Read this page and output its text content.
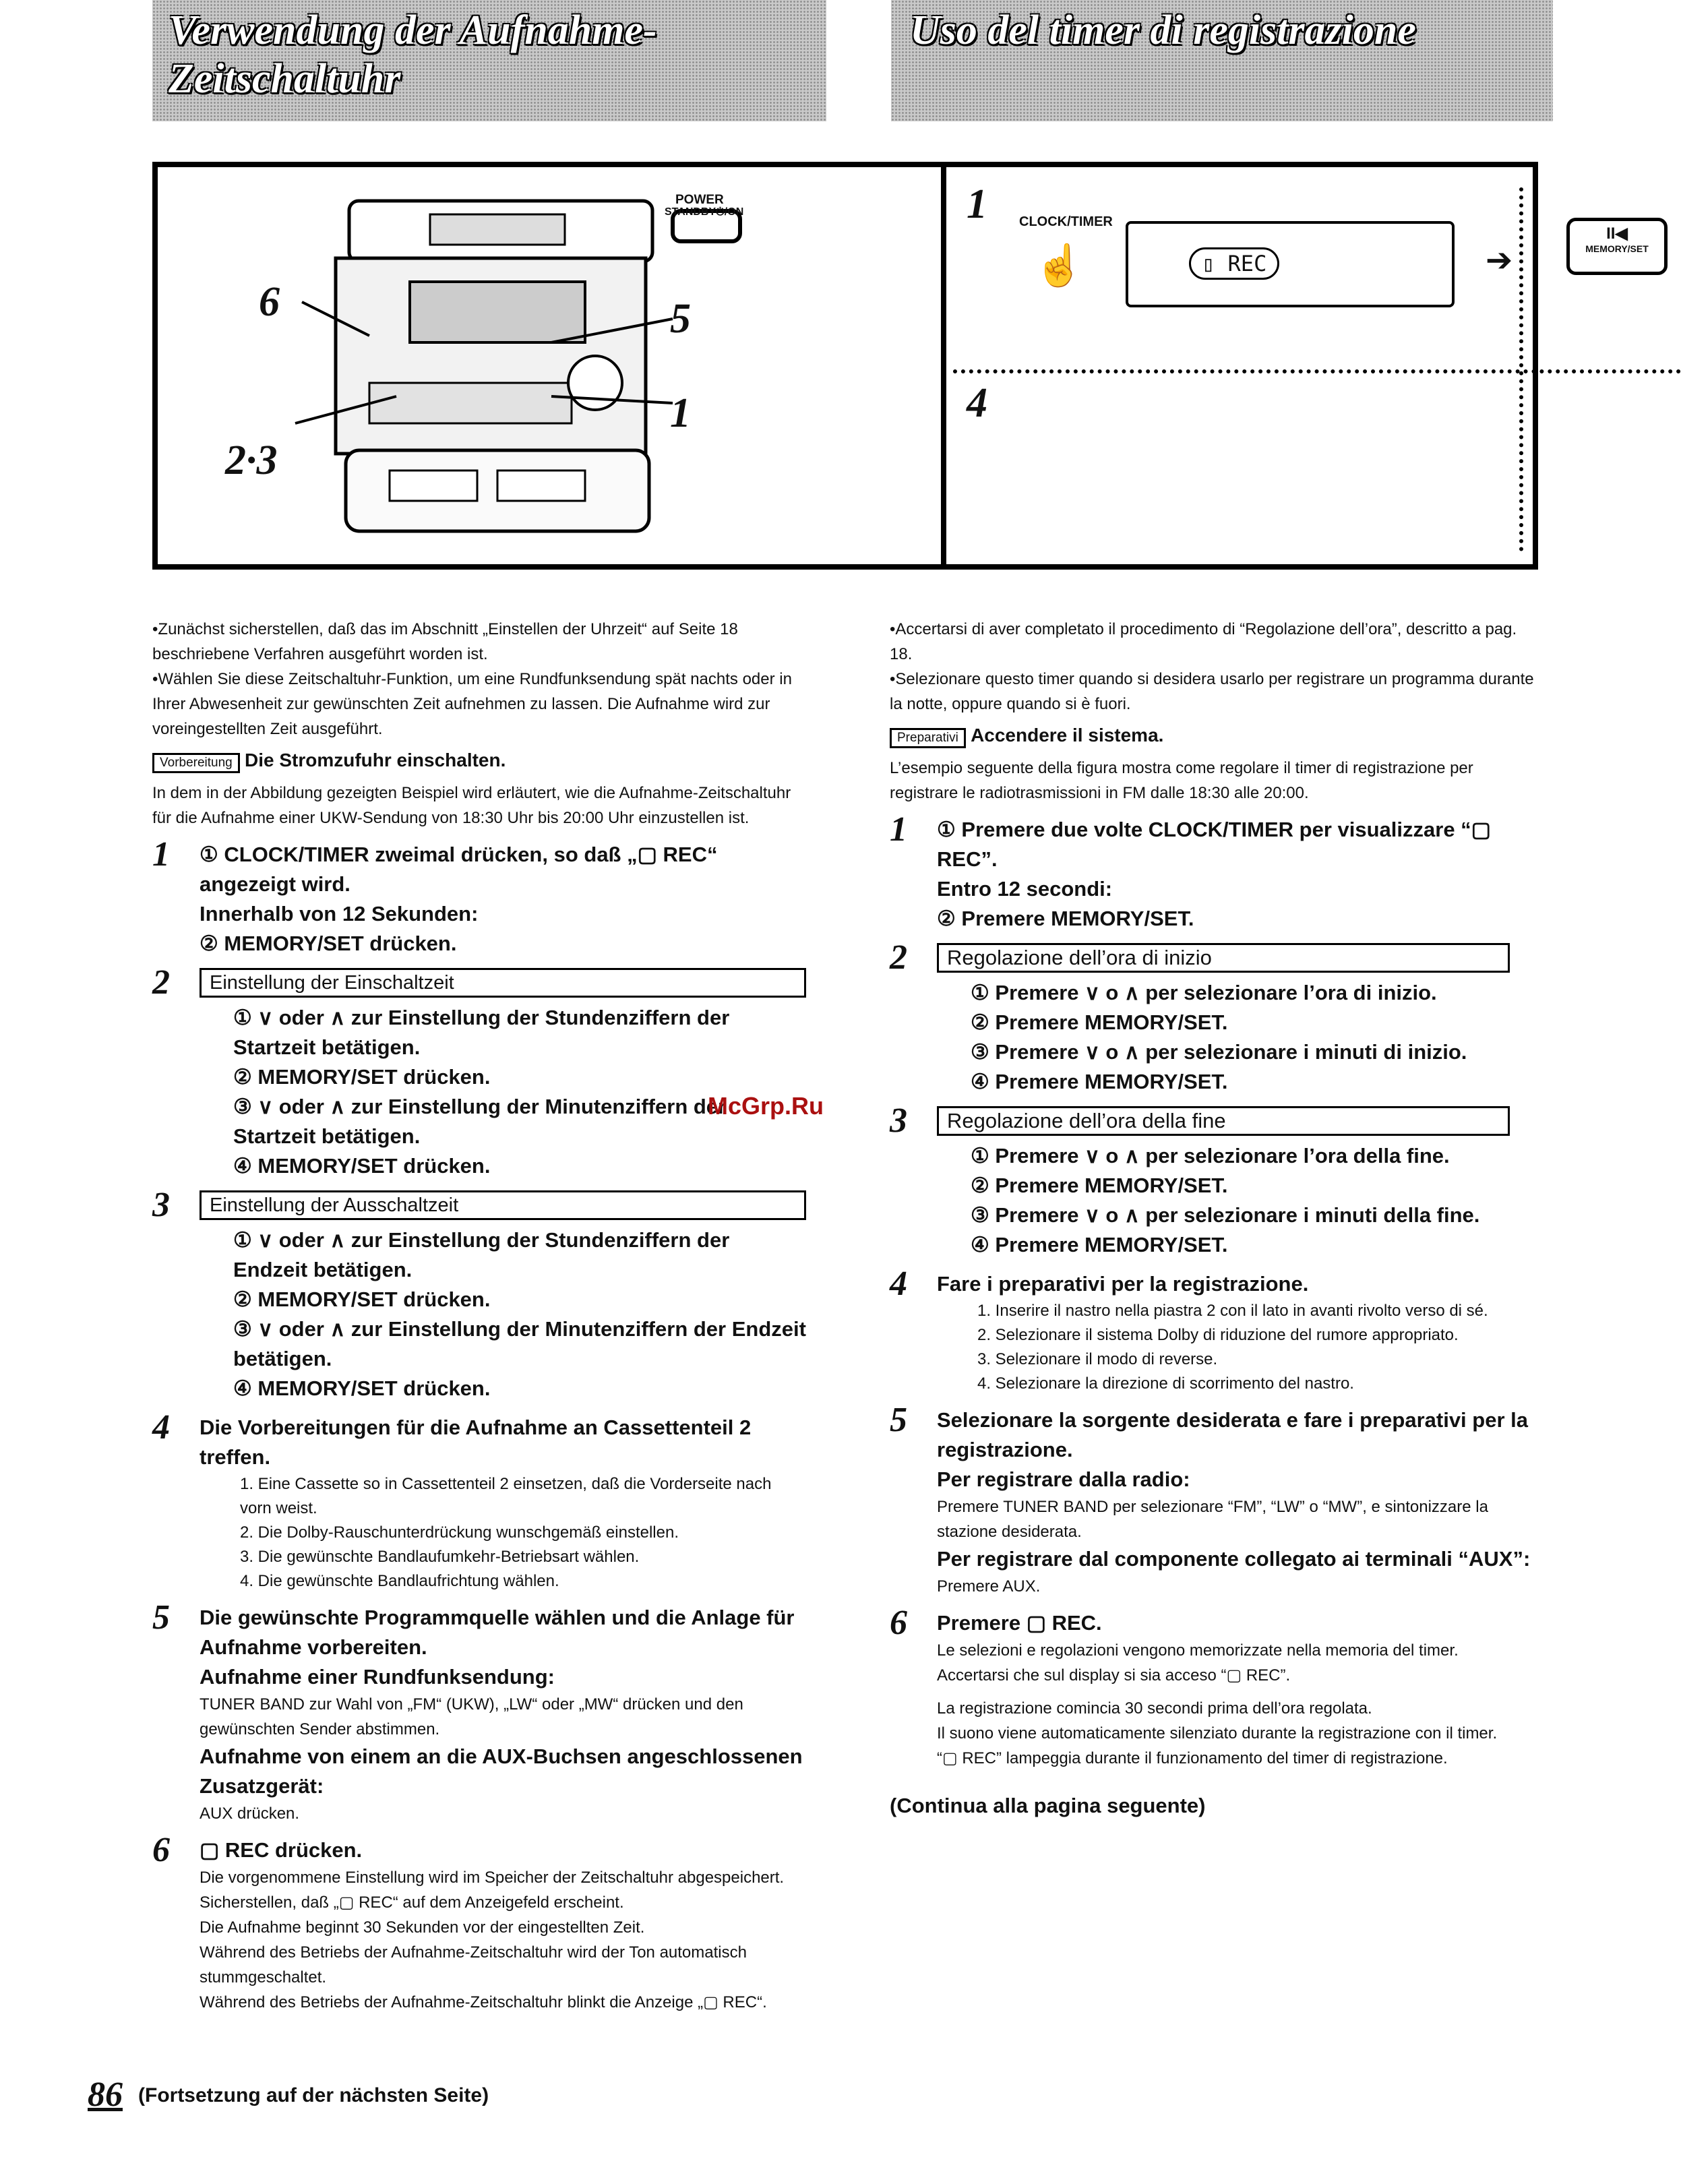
Verwendung der Aufnahme-
Zeitschaltuhr
Uso del timer di registrazione
POWER
STANDBY⏻/ON
6	5
2·3
1
1 CLOCK/TIMER
☝	▯ REC	➔
II◀
MEMORY/SET
4

•Zunächst sicherstellen, daß das im Abschnitt „Einstellen der Uhrzeit“ auf Seite 18 beschriebene Verfahren ausgeführt worden ist.

•Wählen Sie diese Zeitschaltuhr-Funktion, um eine Rundfunksendung spät nachts oder in Ihrer Abwesenheit zur gewünschten Zeit aufnehmen zu lassen. Die Aufnahme wird zur voreingestellten Zeit ausgeführt.

Vorbereitung Die Stromzufuhr einschalten.

In dem in der Abbildung gezeigten Beispiel wird erläutert, wie die Aufnahme-Zeitschaltuhr für die Aufnahme einer UKW-Sendung von 18:30 Uhr bis 20:00 Uhr einzustellen ist.

1 ① CLOCK/TIMER zweimal drücken, so daß „▢ REC“ angezeigt wird.
Innerhalb von 12 Sekunden:
② MEMORY/SET drücken.
2 Einstellung der Einschaltzeit
① ∨ oder ∧ zur Einstellung der Stundenziffern der Startzeit betätigen.
② MEMORY/SET drücken.
③ ∨ oder ∧ zur Einstellung der Minutenziffern der Startzeit betätigen.
④ MEMORY/SET drücken.
3 Einstellung der Ausschaltzeit
① ∨ oder ∧ zur Einstellung der Stundenziffern der Endzeit betätigen.
② MEMORY/SET drücken.
③ ∨ oder ∧ zur Einstellung der Minutenziffern der Endzeit betätigen.
④ MEMORY/SET drücken.
4 Die Vorbereitungen für die Aufnahme an Cassettenteil 2 treffen.
1. Eine Cassette so in Cassettenteil 2 einsetzen, daß die Vorderseite nach vorn weist.
2. Die Dolby-Rauschunterdrückung wunschgemäß einstellen.
3. Die gewünschte Bandlaufumkehr-Betriebsart wählen.
4. Die gewünschte Bandlaufrichtung wählen.
5 Die gewünschte Programmquelle wählen und die Anlage für Aufnahme vorbereiten.
Aufnahme einer Rundfunksendung:
TUNER BAND zur Wahl von „FM“ (UKW), „LW“ oder „MW“ drücken und den gewünschten Sender abstimmen.
Aufnahme von einem an die AUX-Buchsen angeschlossenen Zusatzgerät:
AUX drücken.
6 ▢ REC drücken.
Die vorgenommene Einstellung wird im Speicher der Zeitschaltuhr abgespeichert.
Sicherstellen, daß „▢ REC“ auf dem Anzeigefeld erscheint.
Die Aufnahme beginnt 30 Sekunden vor der eingestellten Zeit.
Während des Betriebs der Aufnahme-Zeitschaltuhr wird der Ton automatisch stummgeschaltet.
Während des Betriebs der Aufnahme-Zeitschaltuhr blinkt die Anzeige „▢ REC“.

•Accertarsi di aver completato il procedimento di “Regolazione dell’ora”, descritto a pag. 18.

•Selezionare questo timer quando si desidera usarlo per registrare un programma durante la notte, oppure quando si è fuori.

Preparativi Accendere il sistema.

L’esempio seguente della figura mostra come regolare il timer di registrazione per registrare le radiotrasmissioni in FM dalle 18:30 alle 20:00.

1 ① Premere due volte CLOCK/TIMER per visualizzare “▢ REC”.
Entro 12 secondi:
② Premere MEMORY/SET.
2 Regolazione dell’ora di inizio
① Premere ∨ o ∧ per selezionare l’ora di inizio.
② Premere MEMORY/SET.
③ Premere ∨ o ∧ per selezionare i minuti di inizio.
④ Premere MEMORY/SET.
3 Regolazione dell’ora della fine
① Premere ∨ o ∧ per selezionare l’ora della fine.
② Premere MEMORY/SET.
③ Premere ∨ o ∧ per selezionare i minuti della fine.
④ Premere MEMORY/SET.
4 Fare i preparativi per la registrazione.
1. Inserire il nastro nella piastra 2 con il lato in avanti rivolto verso di sé.
2. Selezionare il sistema Dolby di riduzione del rumore appropriato.
3. Selezionare il modo di reverse.
4. Selezionare la direzione di scorrimento del nastro.
5 Selezionare la sorgente desiderata e fare i preparativi per la registrazione.
Per registrare dalla radio:
Premere TUNER BAND per selezionare “FM”, “LW” o “MW”, e sintonizzare la stazione desiderata.
Per registrare dal componente collegato ai terminali “AUX”:
Premere AUX.
6 Premere ▢ REC.
Le selezioni e regolazioni vengono memorizzate nella memoria del timer.
Accertarsi che sul display si sia acceso “▢ REC”.
La registrazione comincia 30 secondi prima dell’ora regolata.
Il suono viene automaticamente silenziato durante la registrazione con il timer.
“▢ REC” lampeggia durante il funzionamento del timer di registrazione.
(Continua alla pagina seguente)
McGrp.Ru
86 (Fortsetzung auf der nächsten Seite)
